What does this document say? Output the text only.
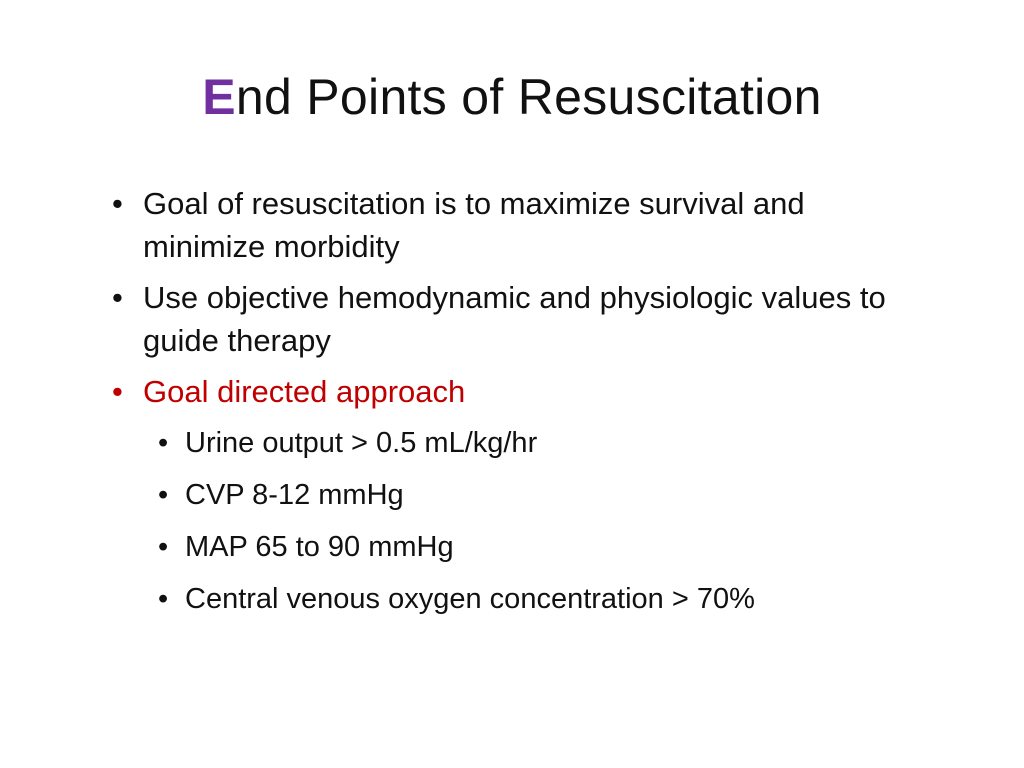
End Points of Resuscitation
• Goal of resuscitation is to maximize survival and minimize morbidity
• Use objective hemodynamic and physiologic values to guide therapy
• Goal directed approach
• Urine output > 0.5 mL/kg/hr
• CVP 8-12 mmHg
• MAP 65 to 90 mmHg
• Central venous oxygen concentration > 70%
